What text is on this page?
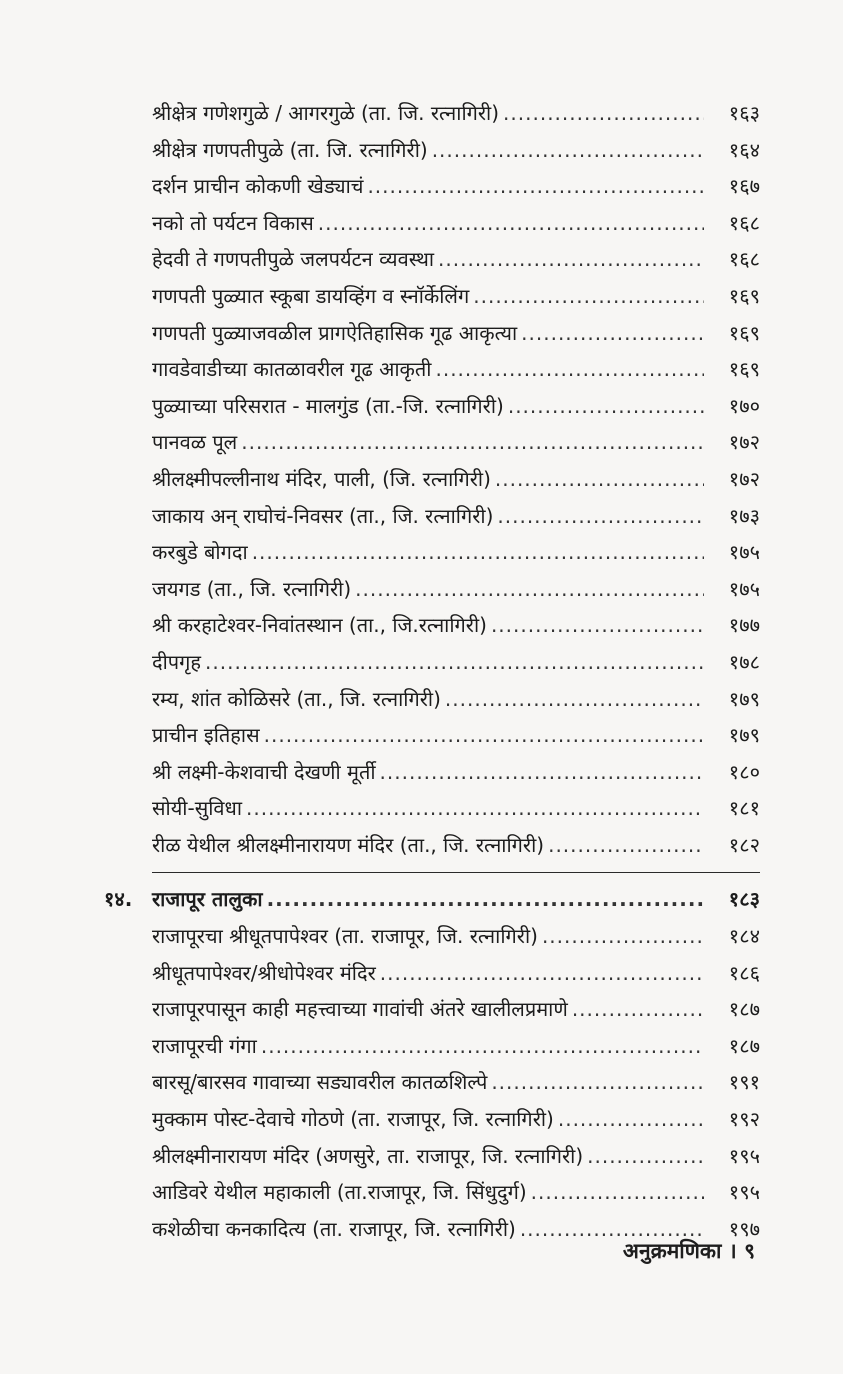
श्रीक्षेत्र गणेशगुळे / आगरगुळे (ता. जि. रत्नागिरी) .....	१६३
श्रीक्षेत्र गणपतीपुळे (ता. जि. रत्नागिरी) .....	१६४
दर्शन प्राचीन कोकणी खेड्याचं .....	१६७
नको तो पर्यटन विकास .....	१६८
हेदवी ते गणपतीपुळे जलपर्यटन व्यवस्था .....	१६८
गणपती पुळ्यात स्कूबा डायव्हिंग व स्नॉर्केलिंग .....	१६९
गणपती पुळ्याजवळील प्रागऐतिहासिक गूढ आकृत्या .....	१६९
गावडेवाडीच्या कातळावरील गूढ आकृती .....	१६९
पुळ्याच्या परिसरात - मालगुंड (ता.-जि. रत्नागिरी) .....	१७०
पानवळ पूल .....	१७२
श्रीलक्ष्मीपल्लीनाथ मंदिर, पाली, (जि. रत्नागिरी) .....	१७२
जाकाय अन् राघोचं-निवसर (ता., जि. रत्नागिरी) .....	१७३
करबुडे बोगदा .....	१७५
जयगड (ता., जि. रत्नागिरी) .....	१७५
श्री करहाटेश्वर-निवांतस्थान (ता., जि.रत्नागिरी) .....	१७७
दीपगृह .....	१७८
रम्य, शांत कोळिसरे (ता., जि. रत्नागिरी) .....	१७९
प्राचीन इतिहास .....	१७९
श्री लक्ष्मी-केशवाची देखणी मूर्ती .....	१८०
सोयी-सुविधा .....	१८१
रीळ येथील श्रीलक्ष्मीनारायण मंदिर (ता., जि. रत्नागिरी) .....	१८२
१४. राजापूर तालुका .....	१८३
राजापूरचा श्रीधूतपापेश्वर (ता. राजापूर, जि. रत्नागिरी) .....	१८४
श्रीधूतपापेश्वर/श्रीधोपेश्वर मंदिर .....	१८६
राजापूरपासून काही महत्त्वाच्या गावांची अंतरे खालीलप्रमाणे .....	१८७
राजापूरची गंगा .....	१८७
बारसू/बारसव गावाच्या सड्यावरील कातळशिल्पे .....	१९१
मुक्काम पोस्ट-देवाचे गोठणे (ता. राजापूर, जि. रत्नागिरी) .....	१९२
श्रीलक्ष्मीनारायण मंदिर (अणसुरे, ता. राजापूर, जि. रत्नागिरी) .....	१९५
आडिवरे येथील महाकाली (ता.राजापूर, जि. सिंधुदुर्ग) .....	१९५
कशेळीचा कनकादित्य (ता. राजापूर, जि. रत्नागिरी) .....	१९७
अनुक्रमणिका । ९
